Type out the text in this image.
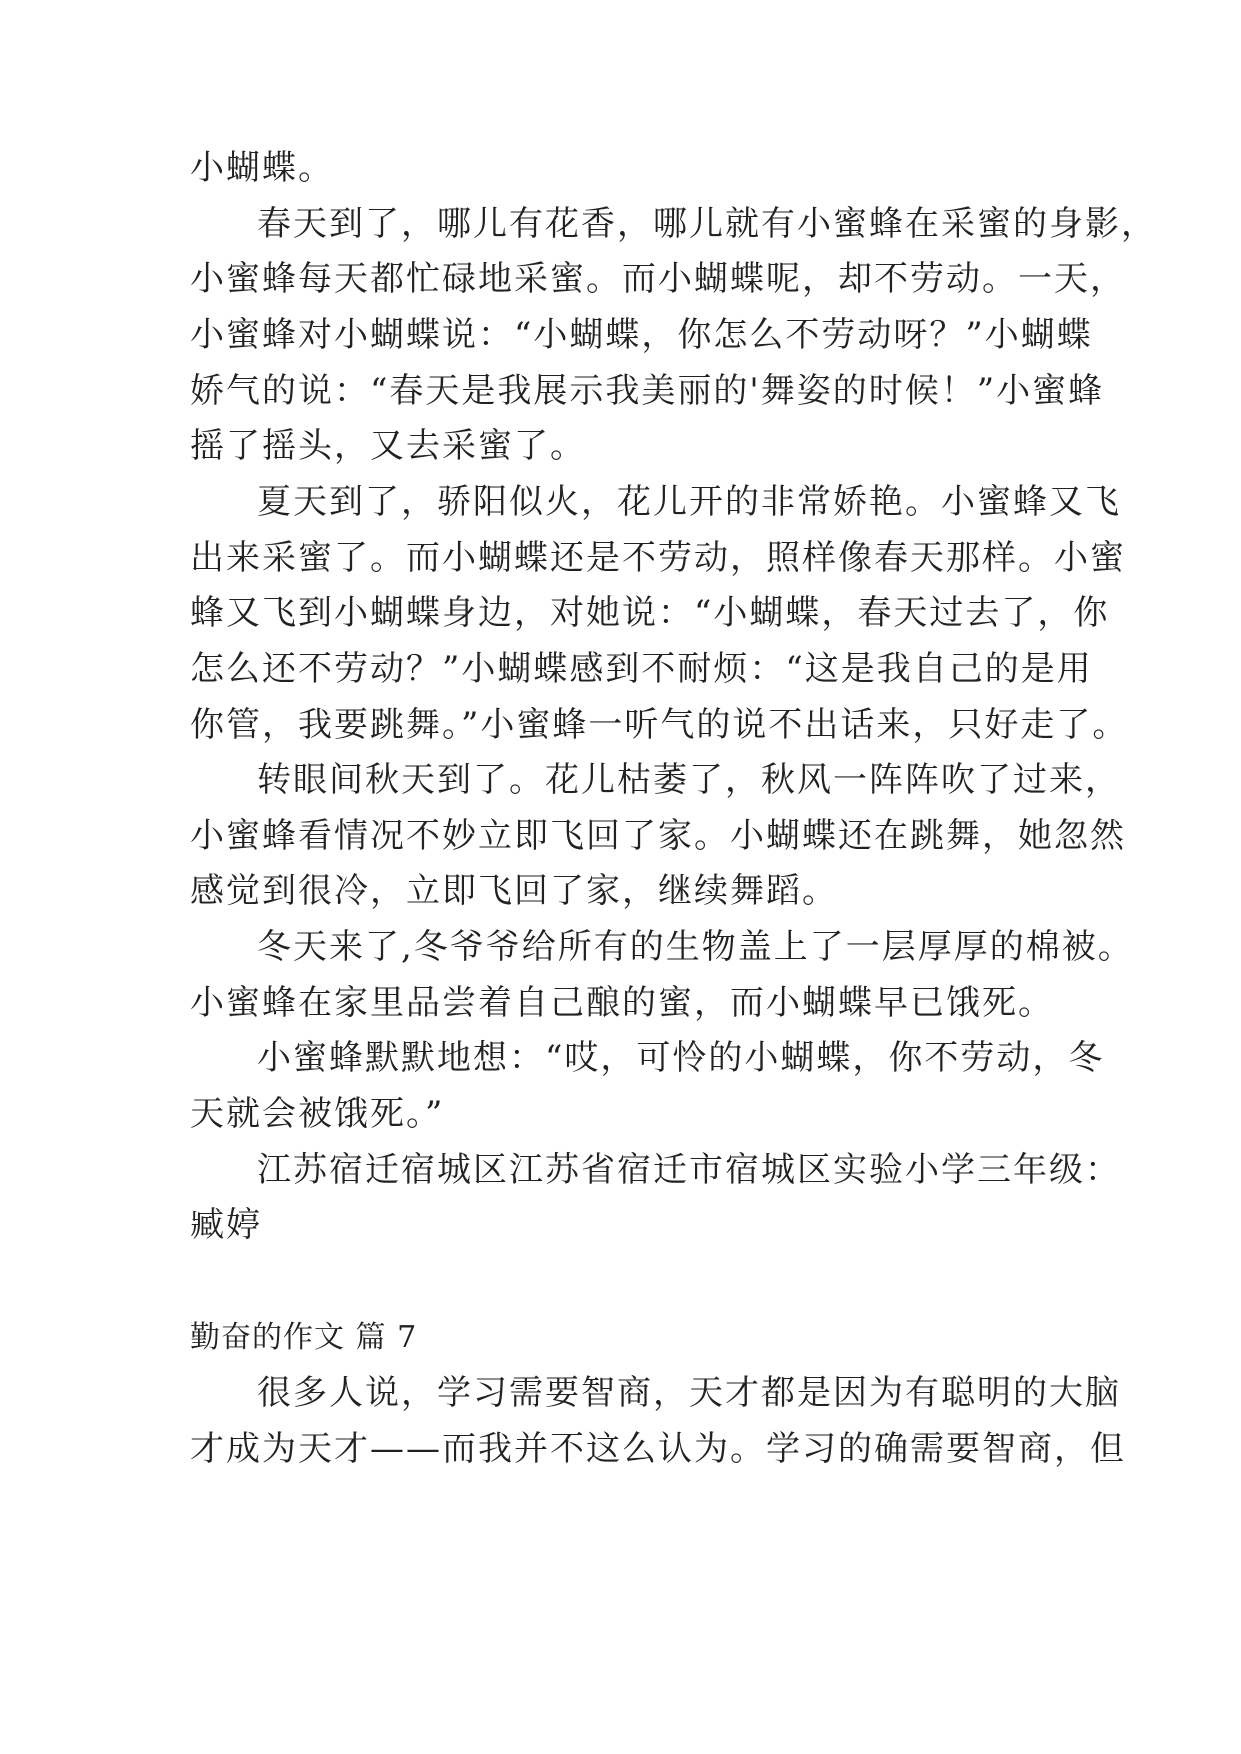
小蝴蝶。
春天到了，哪儿有花香，哪儿就有小蜜蜂在采蜜的身影，
小蜜蜂每天都忙碌地采蜜。而小蝴蝶呢，却不劳动。一天，
小蜜蜂对小蝴蝶说：“小蝴蝶，你怎么不劳动呀？”小蝴蝶
娇气的说：“春天是我展示我美丽的'舞姿的时候！”小蜜蜂
摇了摇头，又去采蜜了。
夏天到了，骄阳似火，花儿开的非常娇艳。小蜜蜂又飞
出来采蜜了。而小蝴蝶还是不劳动，照样像春天那样。小蜜
蜂又飞到小蝴蝶身边，对她说：“小蝴蝶，春天过去了，你
怎么还不劳动？”小蝴蝶感到不耐烦：“这是我自己的是用
你管，我要跳舞。”小蜜蜂一听气的说不出话来，只好走了。
转眼间秋天到了。花儿枯萎了，秋风一阵阵吹了过来，
小蜜蜂看情况不妙立即飞回了家。小蝴蝶还在跳舞，她忽然
感觉到很冷，立即飞回了家，继续舞蹈。
冬天来了,冬爷爷给所有的生物盖上了一层厚厚的棉被。
小蜜蜂在家里品尝着自己酿的蜜，而小蝴蝶早已饿死。
小蜜蜂默默地想：“哎，可怜的小蝴蝶，你不劳动，冬
天就会被饿死。”
江苏宿迁宿城区江苏省宿迁市宿城区实验小学三年级：
臧婷
勤奋的作文 篇 7
很多人说，学习需要智商，天才都是因为有聪明的大脑
才成为天才——而我并不这么认为。学习的确需要智商，但
